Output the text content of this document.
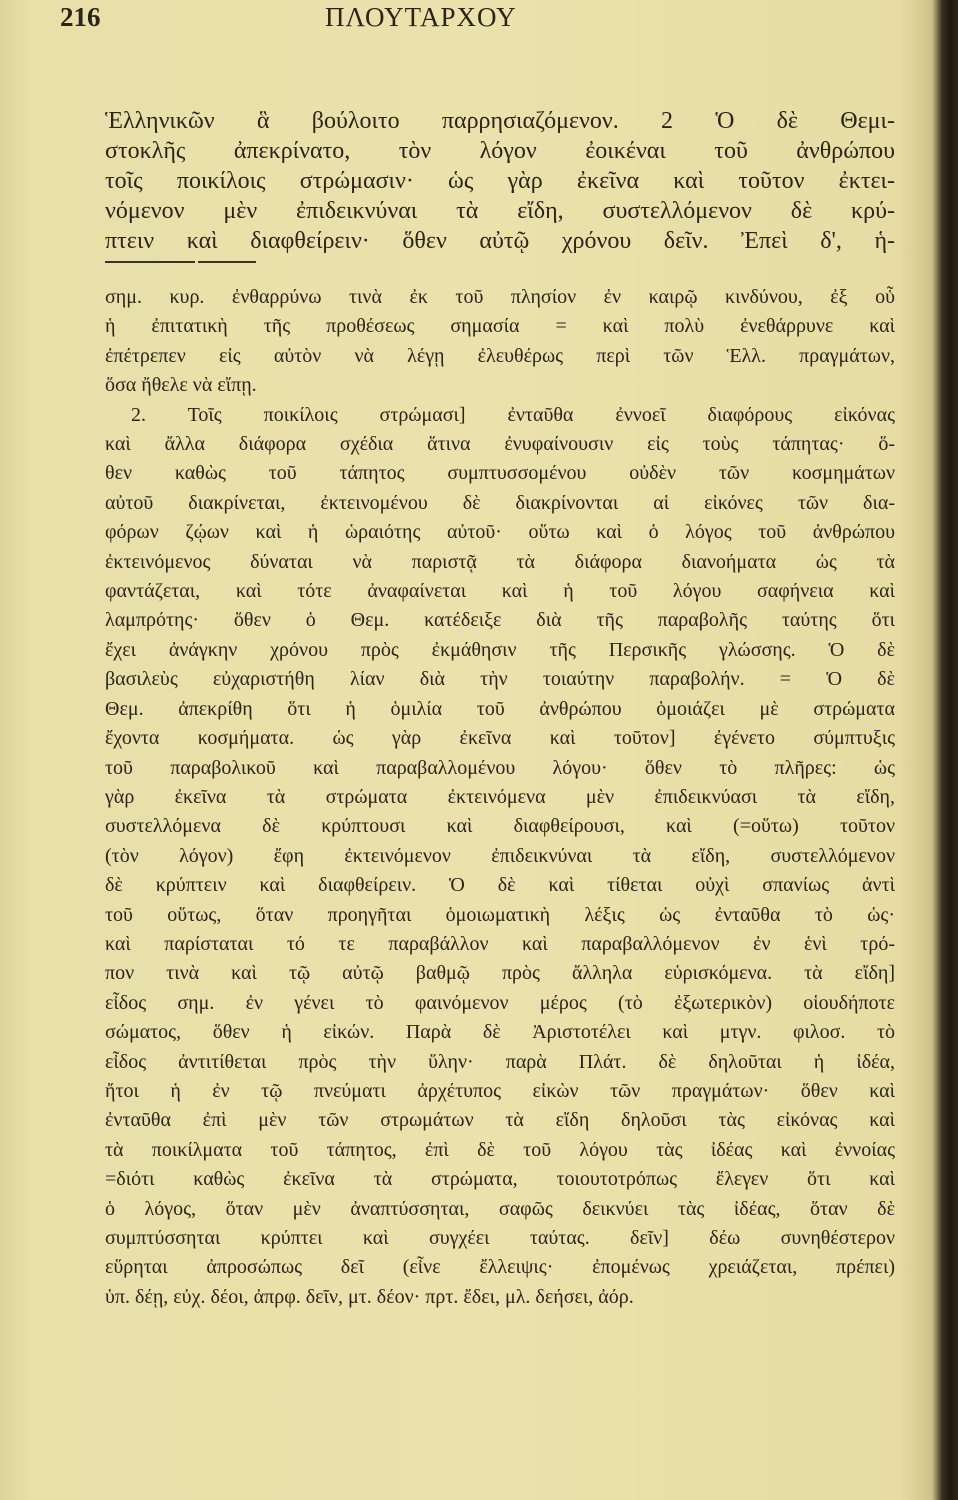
216	ΠΛΟΥΤΑΡΧΟΥ
Ἑλληνικῶν ἃ βούλοιτο παρρησιαζόμενον. 2 Ὁ δὲ Θεμι-
στοκλῆς ἀπεκρίνατο, τὸν λόγον ἐοικέναι τοῦ ἀνθρώπου
τοῖς ποικίλοις στρώμασιν· ὡς γὰρ ἐκεῖνα καὶ τοῦτον ἐκτει-
νόμενον μὲν ἐπιδεικνύναι τὰ εἴδη, συστελλόμενον δὲ κρύ-
πτειν καὶ διαφθείρειν· ὅθεν αὐτῷ χρόνου δεῖν. Ἐπεὶ δ', ἡ-
σημ. κυρ. ἐνθαρρύνω τινὰ ἐκ τοῦ πλησίον ἐν καιρῷ κινδύνου, ἐξ οὗ
ἡ ἐπιτατικὴ τῆς προθέσεως σημασία = καὶ πολὺ ἐνεθάρρυνε καὶ
ἐπέτρεπεν εἰς αὐτὸν νὰ λέγῃ ἐλευθέρως περὶ τῶν Ἑλλ. πραγμάτων,
ὅσα ἤθελε νὰ εἴπῃ.
2. Τοῖς ποικίλοις στρώμασι] ἐνταῦθα ἐννοεῖ διαφόρους εἰκόνας
καὶ ἄλλα διάφορα σχέδια ἅτινα ἐνυφαίνουσιν εἰς τοὺς τάπητας· ὅ-
θεν καθὼς τοῦ τάπητος συμπτυσσομένου οὐδὲν τῶν κοσμημάτων
αὐτοῦ διακρίνεται, ἐκτεινομένου δὲ διακρίνονται αἱ εἰκόνες τῶν δια-
φόρων ζῴων καὶ ἡ ὡραιότης αὐτοῦ· οὕτω καὶ ὁ λόγος τοῦ ἀνθρώπου
ἐκτεινόμενος δύναται νὰ παριστᾷ τὰ διάφορα διανοήματα ὡς τὰ
φαντάζεται, καὶ τότε ἀναφαίνεται καὶ ἡ τοῦ λόγου σαφήνεια καὶ
λαμπρότης· ὅθεν ὁ Θεμ. κατέδειξε διὰ τῆς παραβολῆς ταύτης ὅτι
ἔχει ἀνάγκην χρόνου πρὸς ἐκμάθησιν τῆς Περσικῆς γλώσσης. Ὁ δὲ
βασιλεὺς εὐχαριστήθη λίαν διὰ τὴν τοιαύτην παραβολήν. = Ὁ δὲ
Θεμ. ἀπεκρίθη ὅτι ἡ ὁμιλία τοῦ ἀνθρώπου ὁμοιάζει μὲ στρώματα
ἔχοντα κοσμήματα. ὡς γὰρ ἐκεῖνα καὶ τοῦτον] ἐγένετο σύμπτυξις
τοῦ παραβολικοῦ καὶ παραβαλλομένου λόγου· ὅθεν τὸ πλῆρες: ὡς
γὰρ ἐκεῖνα τὰ στρώματα ἐκτεινόμενα μὲν ἐπιδεικνύασι τὰ εἴδη,
συστελλόμενα δὲ κρύπτουσι καὶ διαφθείρουσι, καὶ (=οὕτω) τοῦτον
(τὸν λόγον) ἔφη ἐκτεινόμενον ἐπιδεικνύναι τὰ εἴδη, συστελλόμενον
δὲ κρύπτειν καὶ διαφθείρειν. Ὁ δὲ καὶ τίθεται οὐχὶ σπανίως ἀντὶ
τοῦ οὕτως, ὅταν προηγῆται ὁμοιωματικὴ λέξις ὡς ἐνταῦθα τὸ ὡς·
καὶ παρίσταται τό τε παραβάλλον καὶ παραβαλλόμενον ἐν ἑνὶ τρό-
πον τινὰ καὶ τῷ αὐτῷ βαθμῷ πρὸς ἄλληλα εὑρισκόμενα. τὰ εἴδη]
εἶδος σημ. ἐν γένει τὸ φαινόμενον μέρος (τὸ ἐξωτερικὸν) οἱουδήποτε
σώματος, ὅθεν ἡ εἰκών. Παρὰ δὲ Ἀριστοτέλει καὶ μτγν. φιλοσ. τὸ
εἶδος ἀντιτίθεται πρὸς τὴν ὕλην· παρὰ Πλάτ. δὲ δηλοῦται ἡ ἰδέα,
ἤτοι ἡ ἐν τῷ πνεύματι ἀρχέτυπος εἰκὼν τῶν πραγμάτων· ὅθεν καὶ
ἐνταῦθα ἐπὶ μὲν τῶν στρωμάτων τὰ εἴδη δηλοῦσι τὰς εἰκόνας καὶ
τὰ ποικίλματα τοῦ τάπητος, ἐπὶ δὲ τοῦ λόγου τὰς ἰδέας καὶ ἐννοίας
=διότι καθὼς ἐκεῖνα τὰ στρώματα, τοιουτοτρόπως ἔλεγεν ὅτι καὶ
ὁ λόγος, ὅταν μὲν ἀναπτύσσηται, σαφῶς δεικνύει τὰς ἰδέας, ὅταν δὲ
συμπτύσσηται κρύπτει καὶ συγχέει ταύτας. δεῖν] δέω συνηθέστερον
εὕρηται ἀπροσώπως δεῖ (εἶνε ἔλλειψις· ἐπομένως χρειάζεται, πρέπει)
ὑπ. δέῃ, εὐχ. δέοι, ἀπρφ. δεῖν, μτ. δέον· πρτ. ἔδει, μλ. δεήσει, ἀόρ.
